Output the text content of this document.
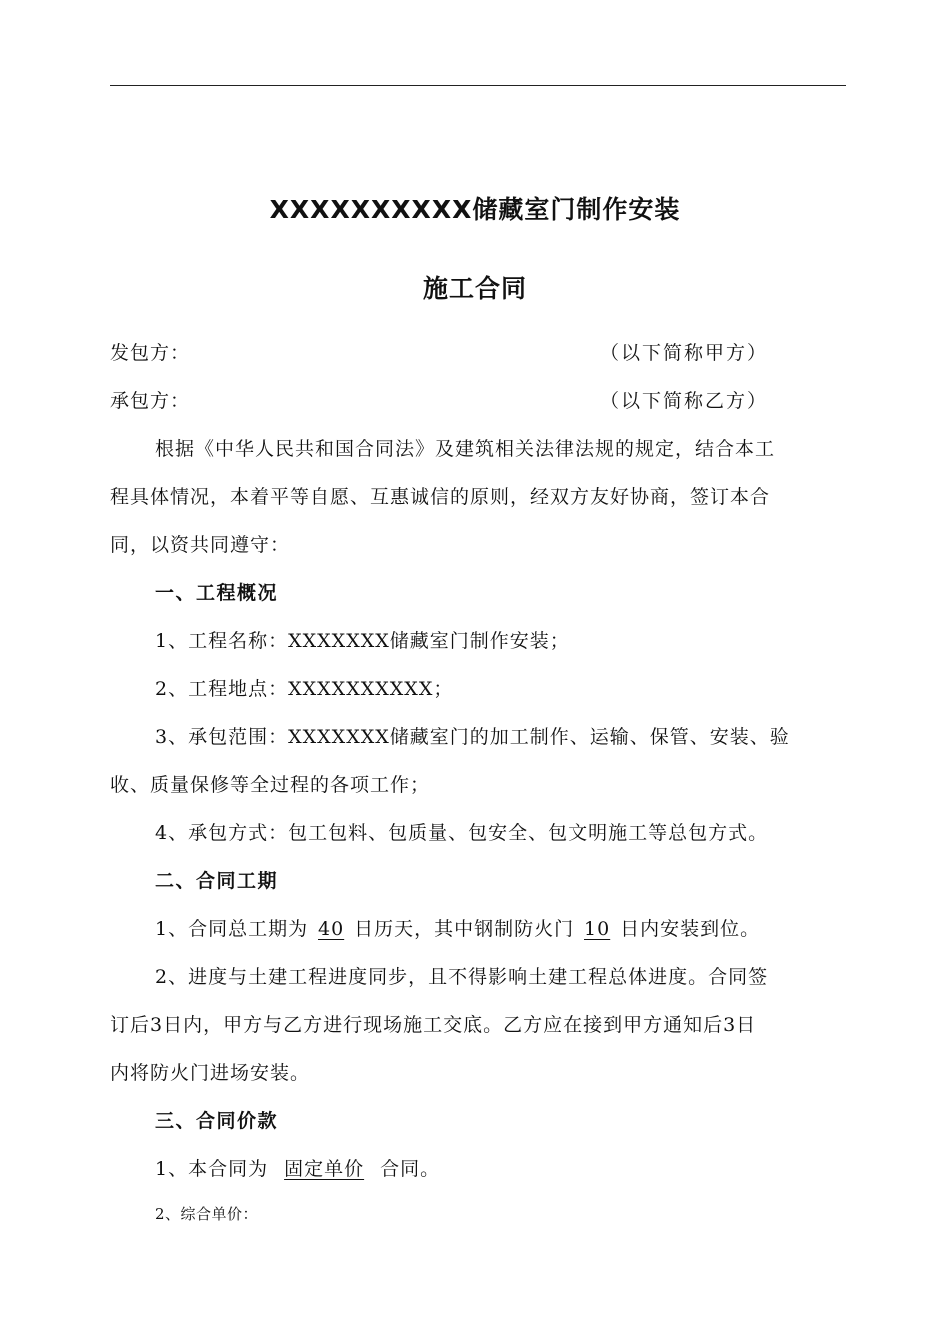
XXXXXXXXXX储藏室门制作安装
施工合同
发包方：	（以下简称甲方）
承包方：	（以下简称乙方）
根据《中华人民共和国合同法》及建筑相关法律法规的规定，结合本工
程具体情况，本着平等自愿、互惠诚信的原则，经双方友好协商，签订本合
同，以资共同遵守：
一、工程概况
1、工程名称：XXXXXXX储藏室门制作安装；
2、工程地点：XXXXXXXXXX；
3、承包范围：XXXXXXX储藏室门的加工制作、运输、保管、安装、验
收、质量保修等全过程的各项工作；
4、承包方式：包工包料、包质量、包安全、包文明施工等总包方式。
二、合同工期
1、合同总工期为 40 日历天，其中钢制防火门 10 日内安装到位。
2、进度与土建工程进度同步，且不得影响土建工程总体进度。合同签
订后3日内，甲方与乙方进行现场施工交底。乙方应在接到甲方通知后3日
内将防火门进场安装。
三、合同价款
1、本合同为 固定单价 合同。
2、综合单价：
